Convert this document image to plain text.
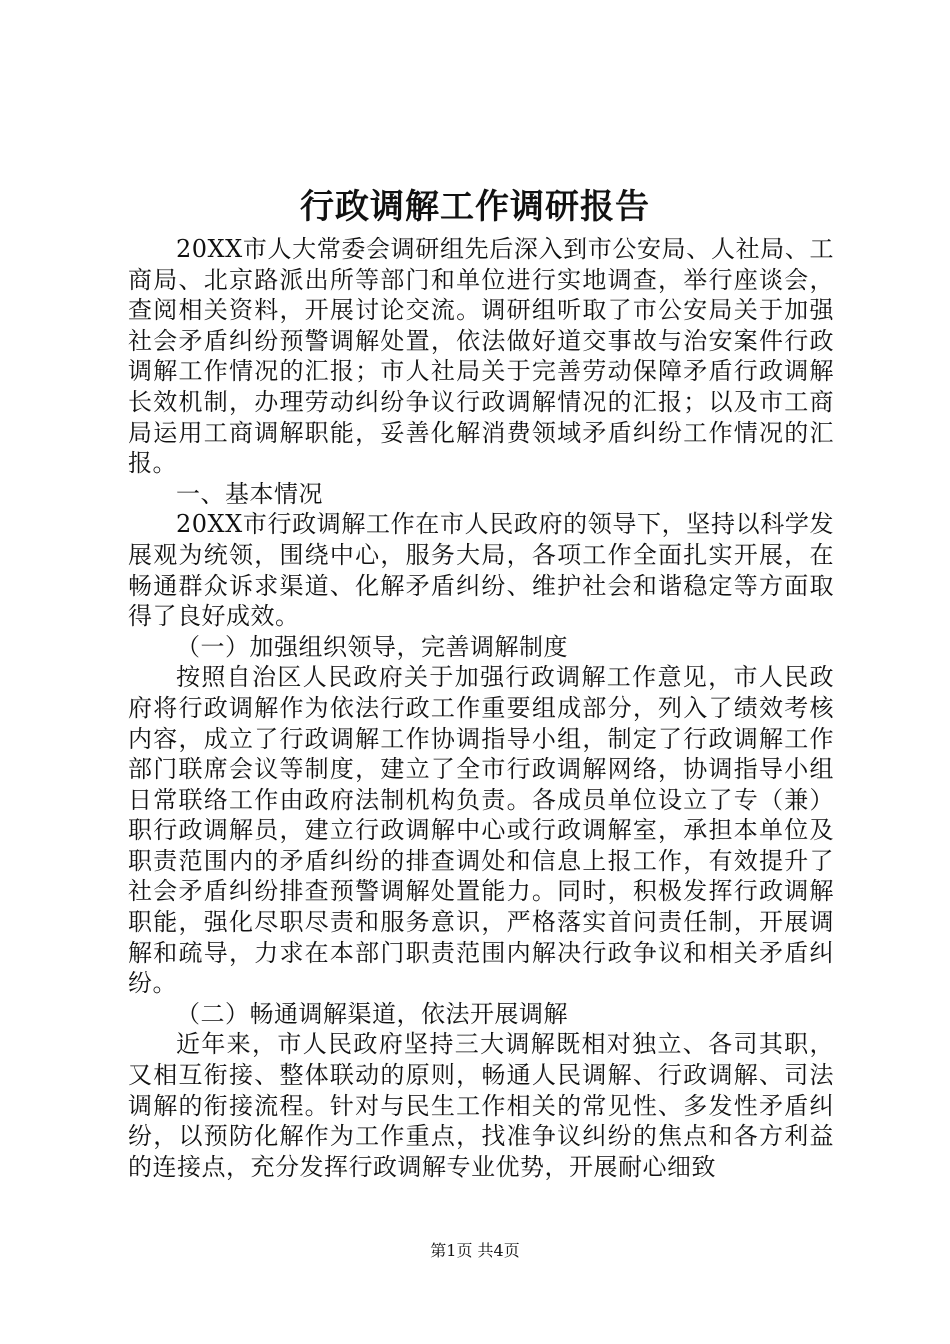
行政调解工作调研报告

20XX市人大常委会调研组先后深入到市公安局、人社局、工商局、北京路派出所等部门和单位进行实地调查，举行座谈会，查阅相关资料，开展讨论交流。调研组听取了市公安局关于加强社会矛盾纠纷预警调解处置，依法做好道交事故与治安案件行政调解工作情况的汇报；市人社局关于完善劳动保障矛盾行政调解长效机制，办理劳动纠纷争议行政调解情况的汇报；以及市工商局运用工商调解职能，妥善化解消费领域矛盾纠纷工作情况的汇报。

一、基本情况

20XX市行政调解工作在市人民政府的领导下，坚持以科学发展观为统领，围绕中心，服务大局，各项工作全面扎实开展，在畅通群众诉求渠道、化解矛盾纠纷、维护社会和谐稳定等方面取得了良好成效。

（一）加强组织领导，完善调解制度

按照自治区人民政府关于加强行政调解工作意见，市人民政府将行政调解作为依法行政工作重要组成部分，列入了绩效考核内容，成立了行政调解工作协调指导小组，制定了行政调解工作部门联席会议等制度，建立了全市行政调解网络，协调指导小组日常联络工作由政府法制机构负责。各成员单位设立了专（兼）职行政调解员，建立行政调解中心或行政调解室，承担本单位及职责范围内的矛盾纠纷的排查调处和信息上报工作，有效提升了社会矛盾纠纷排查预警调解处置能力。同时，积极发挥行政调解职能，强化尽职尽责和服务意识，严格落实首问责任制，开展调解和疏导，力求在本部门职责范围内解决行政争议和相关矛盾纠纷。

（二）畅通调解渠道，依法开展调解

近年来，市人民政府坚持三大调解既相对独立、各司其职，又相互衔接、整体联动的原则，畅通人民调解、行政调解、司法调解的衔接流程。针对与民生工作相关的常见性、多发性矛盾纠纷，以预防化解作为工作重点，找准争议纠纷的焦点和各方利益的连接点，充分发挥行政调解专业优势，开展耐心细致

第1页 共4页
